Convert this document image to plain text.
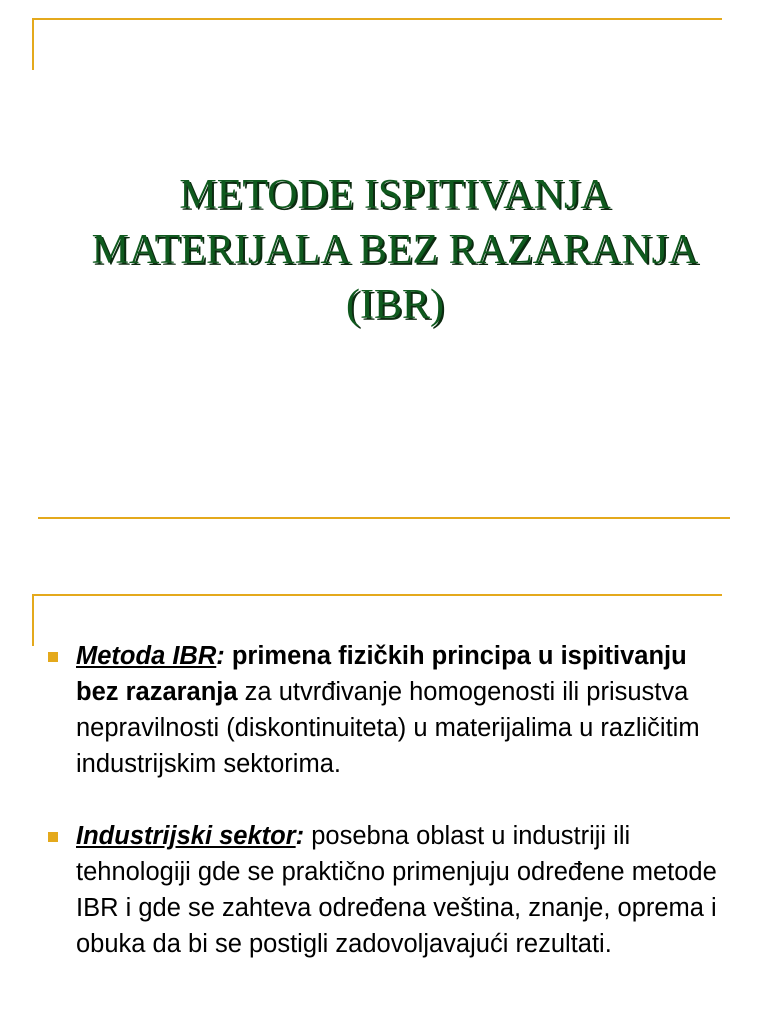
METODE ISPITIVANJA
MATERIJALA BEZ RAZARANJA
(IBR)
Metoda IBR: primena fizičkih principa u ispitivanju bez razaranja za utvrđivanje homogenosti ili prisustva nepravilnosti (diskontinuiteta) u materijalima u različitim industrijskim sektorima.
Industrijski sektor: posebna oblast u industriji ili tehnologiji gde se praktično primenjuju određene metode IBR i gde se zahteva određena veština, znanje, oprema i obuka da bi se postigli zadovoljavajući rezultati.
